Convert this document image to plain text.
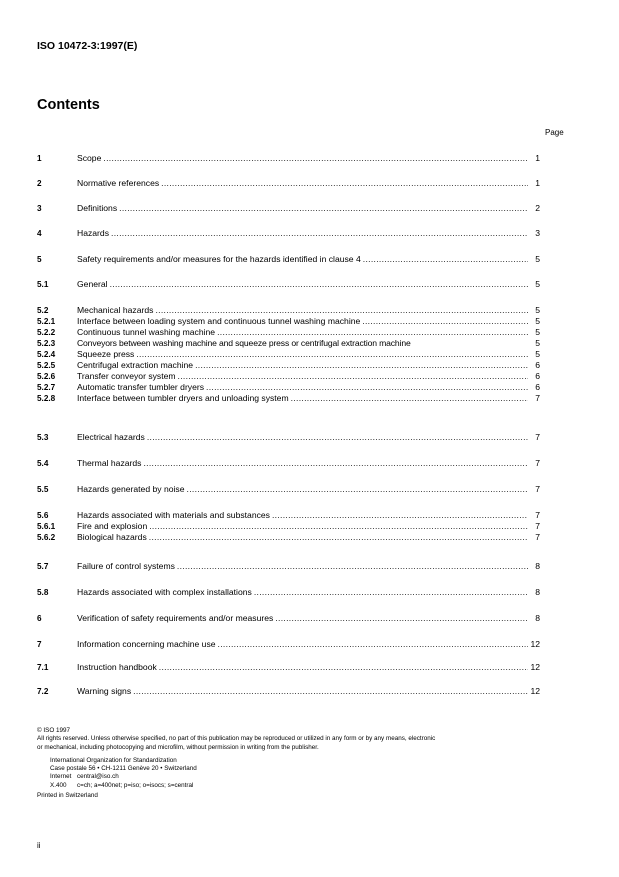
ISO 10472-3:1997(E)
Contents
Page
1	Scope .....	1
2	Normative references .....	1
3	Definitions .....	2
4	Hazards .....	3
5	Safety requirements and/or measures for the hazards identified in clause 4 .....	5
5.1	General .....	5
5.2	Mechanical hazards .....	5
5.2.1	Interface between loading system and continuous tunnel washing machine .....	5
5.2.2	Continuous tunnel washing machine .....	5
5.2.3	Conveyors between washing machine and squeeze press or centrifugal extraction machine	5
5.2.4	Squeeze press .....	5
5.2.5	Centrifugal extraction machine .....	6
5.2.6	Transfer conveyor system .....	6
5.2.7	Automatic transfer tumbler dryers .....	6
5.2.8	Interface between tumbler dryers and unloading system .....	7
5.3	Electrical hazards .....	7
5.4	Thermal hazards .....	7
5.5	Hazards generated by noise .....	7
5.6	Hazards associated with materials and substances .....	7
5.6.1	Fire and explosion .....	7
5.6.2	Biological hazards .....	7
5.7	Failure of control systems .....	8
5.8	Hazards associated with complex installations .....	8
6	Verification of safety requirements and/or measures .....	8
7	Information concerning machine use .....	12
7.1	Instruction handbook .....	12
7.2	Warning signs .....	12
© ISO 1997
All rights reserved. Unless otherwise specified, no part of this publication may be reproduced or utilized in any form or by any means, electronic
or mechanical, including photocopying and microfilm, without permission in writing from the publisher.
International Organization for Standardization
Case postale 56 • CH-1211 Genève 20 • Switzerland
Internet central@iso.ch
X.400 c=ch; a=400net; p=iso; o=isocs; s=central
Printed in Switzerland
ii
